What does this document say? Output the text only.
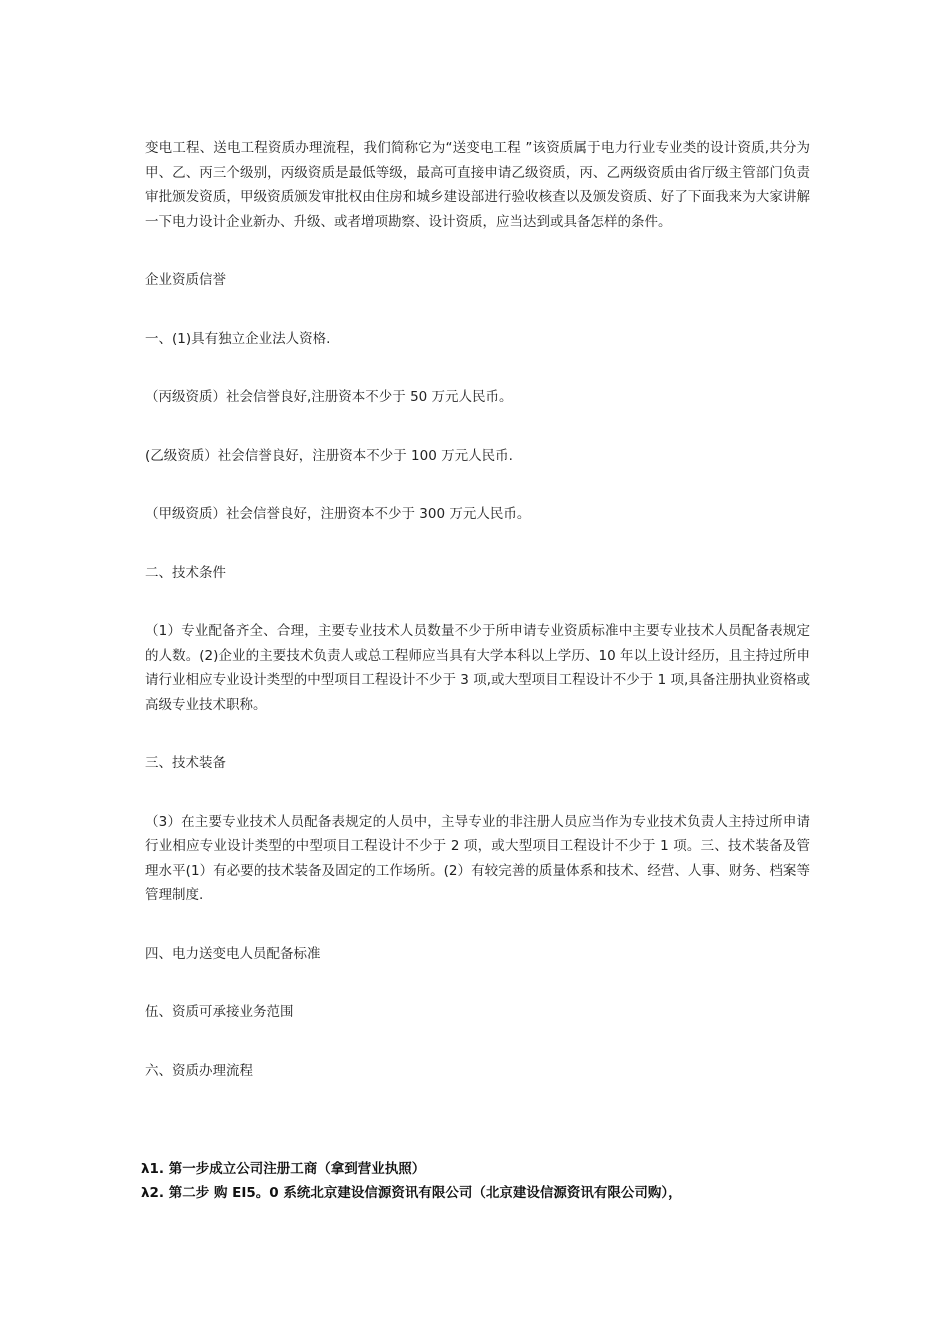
变电工程、送电工程资质办理流程，我们简称它为“送变电工程 ”该资质属于电力行业专业类的设计资质,共分为甲、乙、丙三个级别，丙级资质是最低等级，最高可直接申请乙级资质，丙、乙两级资质由省厅级主管部门负责审批颁发资质，甲级资质颁发审批权由住房和城乡建设部进行验收核查以及颁发资质、好了下面我来为大家讲解一下电力设计企业新办、升级、或者增项勘察、设计资质，应当达到或具备怎样的条件。

企业资质信誉

一、(1)具有独立企业法人资格.

（丙级资质）社会信誉良好,注册资本不少于 50 万元人民币。

(乙级资质）社会信誉良好，注册资本不少于 100 万元人民币.

（甲级资质）社会信誉良好，注册资本不少于 300 万元人民币。

二、技术条件

（1）专业配备齐全、合理，主要专业技术人员数量不少于所申请专业资质标准中主要专业技术人员配备表规定的人数。(2)企业的主要技术负责人或总工程师应当具有大学本科以上学历、10 年以上设计经历，且主持过所申请行业相应专业设计类型的中型项目工程设计不少于 3 项,或大型项目工程设计不少于 1 项,具备注册执业资格或高级专业技术职称。

三、技术装备

（3）在主要专业技术人员配备表规定的人员中，主导专业的非注册人员应当作为专业技术负责人主持过所申请行业相应专业设计类型的中型项目工程设计不少于 2 项，或大型项目工程设计不少于 1 项。三、技术装备及管理水平(1）有必要的技术装备及固定的工作场所。(2）有较完善的质量体系和技术、经营、人事、财务、档案等管理制度.

四、电力送变电人员配备标准

伍、资质可承接业务范围

六、资质办理流程

λ1. 第一步成立公司注册工商（拿到营业执照）

λ2. 第二步 购 EI5。0 系统北京建设信源资讯有限公司（北京建设信源资讯有限公司购），
